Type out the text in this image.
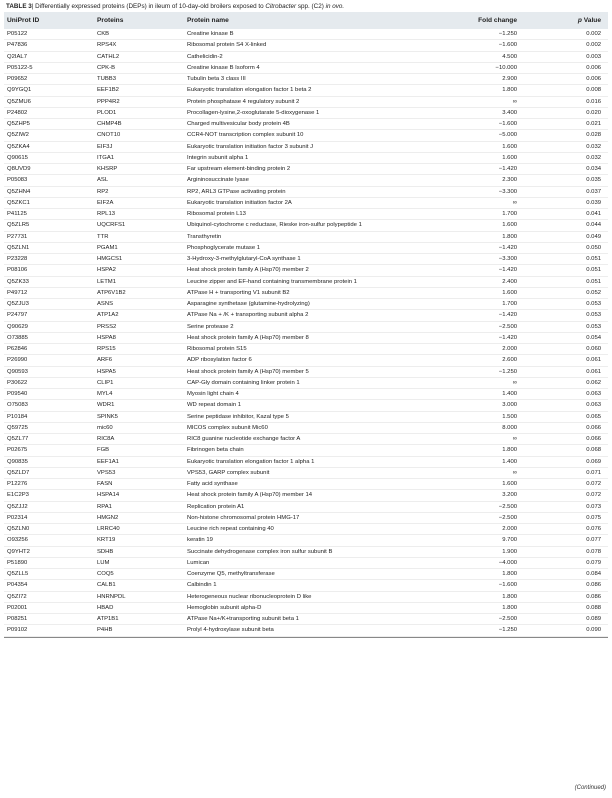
TABLE 3| Differentially expressed proteins (DEPs) in ileum of 10-day-old broilers exposed to Citrobacter spp. (C2) in ovo.
UniProt ID	Proteins	Protein name	Fold change	p Value
P05122	CKB	Creatine kinase B	−1.250	0.002
P47836	RPS4X	Ribosomal protein S4 X-linked	−1.600	0.002
Q2IAL7	CATHL2	Cathelicidin-2	4.500	0.003
P05122-5	CPK-B	Creatine kinase B Isoform 4	−10.000	0.006
P09652	TUBB3	Tubulin beta 3 class III	2.900	0.006
Q9YGQ1	EEF1B2	Eukaryotic translation elongation factor 1 beta 2	1.800	0.008
Q5ZMU6	PPP4R2	Protein phosphatase 4 regulatory subunit 2	∞	0.016
P24802	PLOD1	Procollagen-lysine,2-oxoglutarate 5-dioxygenase 1	3.400	0.020
Q5ZHP5	CHMP4B	Charged multivesicular body protein 4B	−1.600	0.021
Q5ZIW2	CNOT10	CCR4-NOT transcription complex subunit 10	−5.000	0.028
Q5ZKA4	EIF3J	Eukaryotic translation initiation factor 3 subunit J	1.600	0.032
Q90615	ITGA1	Integrin subunit alpha 1	1.600	0.032
Q8UVD9	KHSRP	Far upstream element-binding protein 2	−1.420	0.034
P05083	ASL	Argininosuccinate lyase	2.300	0.035
Q5ZHN4	RP2	RP2, ARL3 GTPase activating protein	−3.300	0.037
Q5ZKC1	EIF2A	Eukaryotic translation initiation factor 2A	∞	0.039
P41125	RPL13	Ribosomal protein L13	1.700	0.041
Q5ZLR5	UQCRFS1	Ubiquinol-cytochrome c reductase, Rieske iron-sulfur polypeptide 1	1.600	0.044
P27731	TTR	Transthyretin	1.800	0.049
Q5ZLN1	PGAM1	Phosphoglycerate mutase 1	−1.420	0.050
P23228	HMGCS1	3-Hydroxy-3-methylglutaryl-CoA synthase 1	−3.300	0.051
P08106	HSPA2	Heat shock protein family A (Hsp70) member 2	−1.420	0.051
Q5ZK33	LETM1	Leucine zipper and EF-hand containing transmembrane protein 1	2.400	0.051
P49712	ATP6V1B2	ATPase H + transporting V1 subunit B2	1.600	0.052
Q5ZJU3	ASNS	Asparagine synthetase (glutamine-hydrolyzing)	1.700	0.053
P24797	ATP1A2	ATPase Na + /K + transporting subunit alpha 2	−1.420	0.053
Q90629	PRSS2	Serine protease 2	−2.500	0.053
O73885	HSPA8	Heat shock protein family A (Hsp70) member 8	−1.420	0.054
P62846	RPS15	Ribosomal protein S15	2.000	0.060
P26990	ARF6	ADP ribosylation factor 6	2.600	0.061
Q90593	HSPA5	Heat shock protein family A (Hsp70) member 5	−1.250	0.061
P30622	CLIP1	CAP-Gly domain containing linker protein 1	∞	0.062
P09540	MYL4	Myosin light chain 4	1.400	0.063
O75083	WDR1	WD repeat domain 1	3.000	0.063
P10184	SPINK5	Serine peptidase inhibitor, Kazal type 5	1.500	0.065
Q59725	mic60	MICOS complex subunit Mic60	8.000	0.066
Q5ZL77	RIC8A	RIC8 guanine nucleotide exchange factor A	∞	0.066
P02675	FGB	Fibrinogen beta chain	1.800	0.068
Q90835	EEF1A1	Eukaryotic translation elongation factor 1 alpha 1	1.400	0.069
Q5ZLD7	VPS53	VPS53, GARP complex subunit	∞	0.071
P12276	FASN	Fatty acid synthase	1.600	0.072
E1C2P3	HSPA14	Heat shock protein family A (Hsp70) member 14	3.200	0.072
Q5ZJJ2	RPA1	Replication protein A1	−2.500	0.073
P02314	HMGN2	Non-histone chromosomal protein HMG-17	−2.500	0.075
Q5ZLN0	LRRC40	Leucine rich repeat containing 40	2.000	0.076
O93256	KRT19	keratin 19	9.700	0.077
Q9YHT2	SDHB	Succinate dehydrogenase complex iron sulfur subunit B	1.900	0.078
P51890	LUM	Lumican	−4.000	0.079
Q5ZLL5	COQ5	Coenzyme Q5, methyltransferase	1.800	0.084
P04354	CALB1	Calbindin 1	−1.600	0.086
Q5ZI72	HNRNPDL	Heterogeneous nuclear ribonucleoprotein D like	1.800	0.086
P02001	HBAD	Hemoglobin subunit alpha-D	1.800	0.088
P08251	ATP1B1	ATPase Na+/K+transporting subunit beta 1	−2.500	0.089
P09102	P4HB	Prolyl 4-hydroxylase subunit beta	−1.250	0.090
(Continued)
